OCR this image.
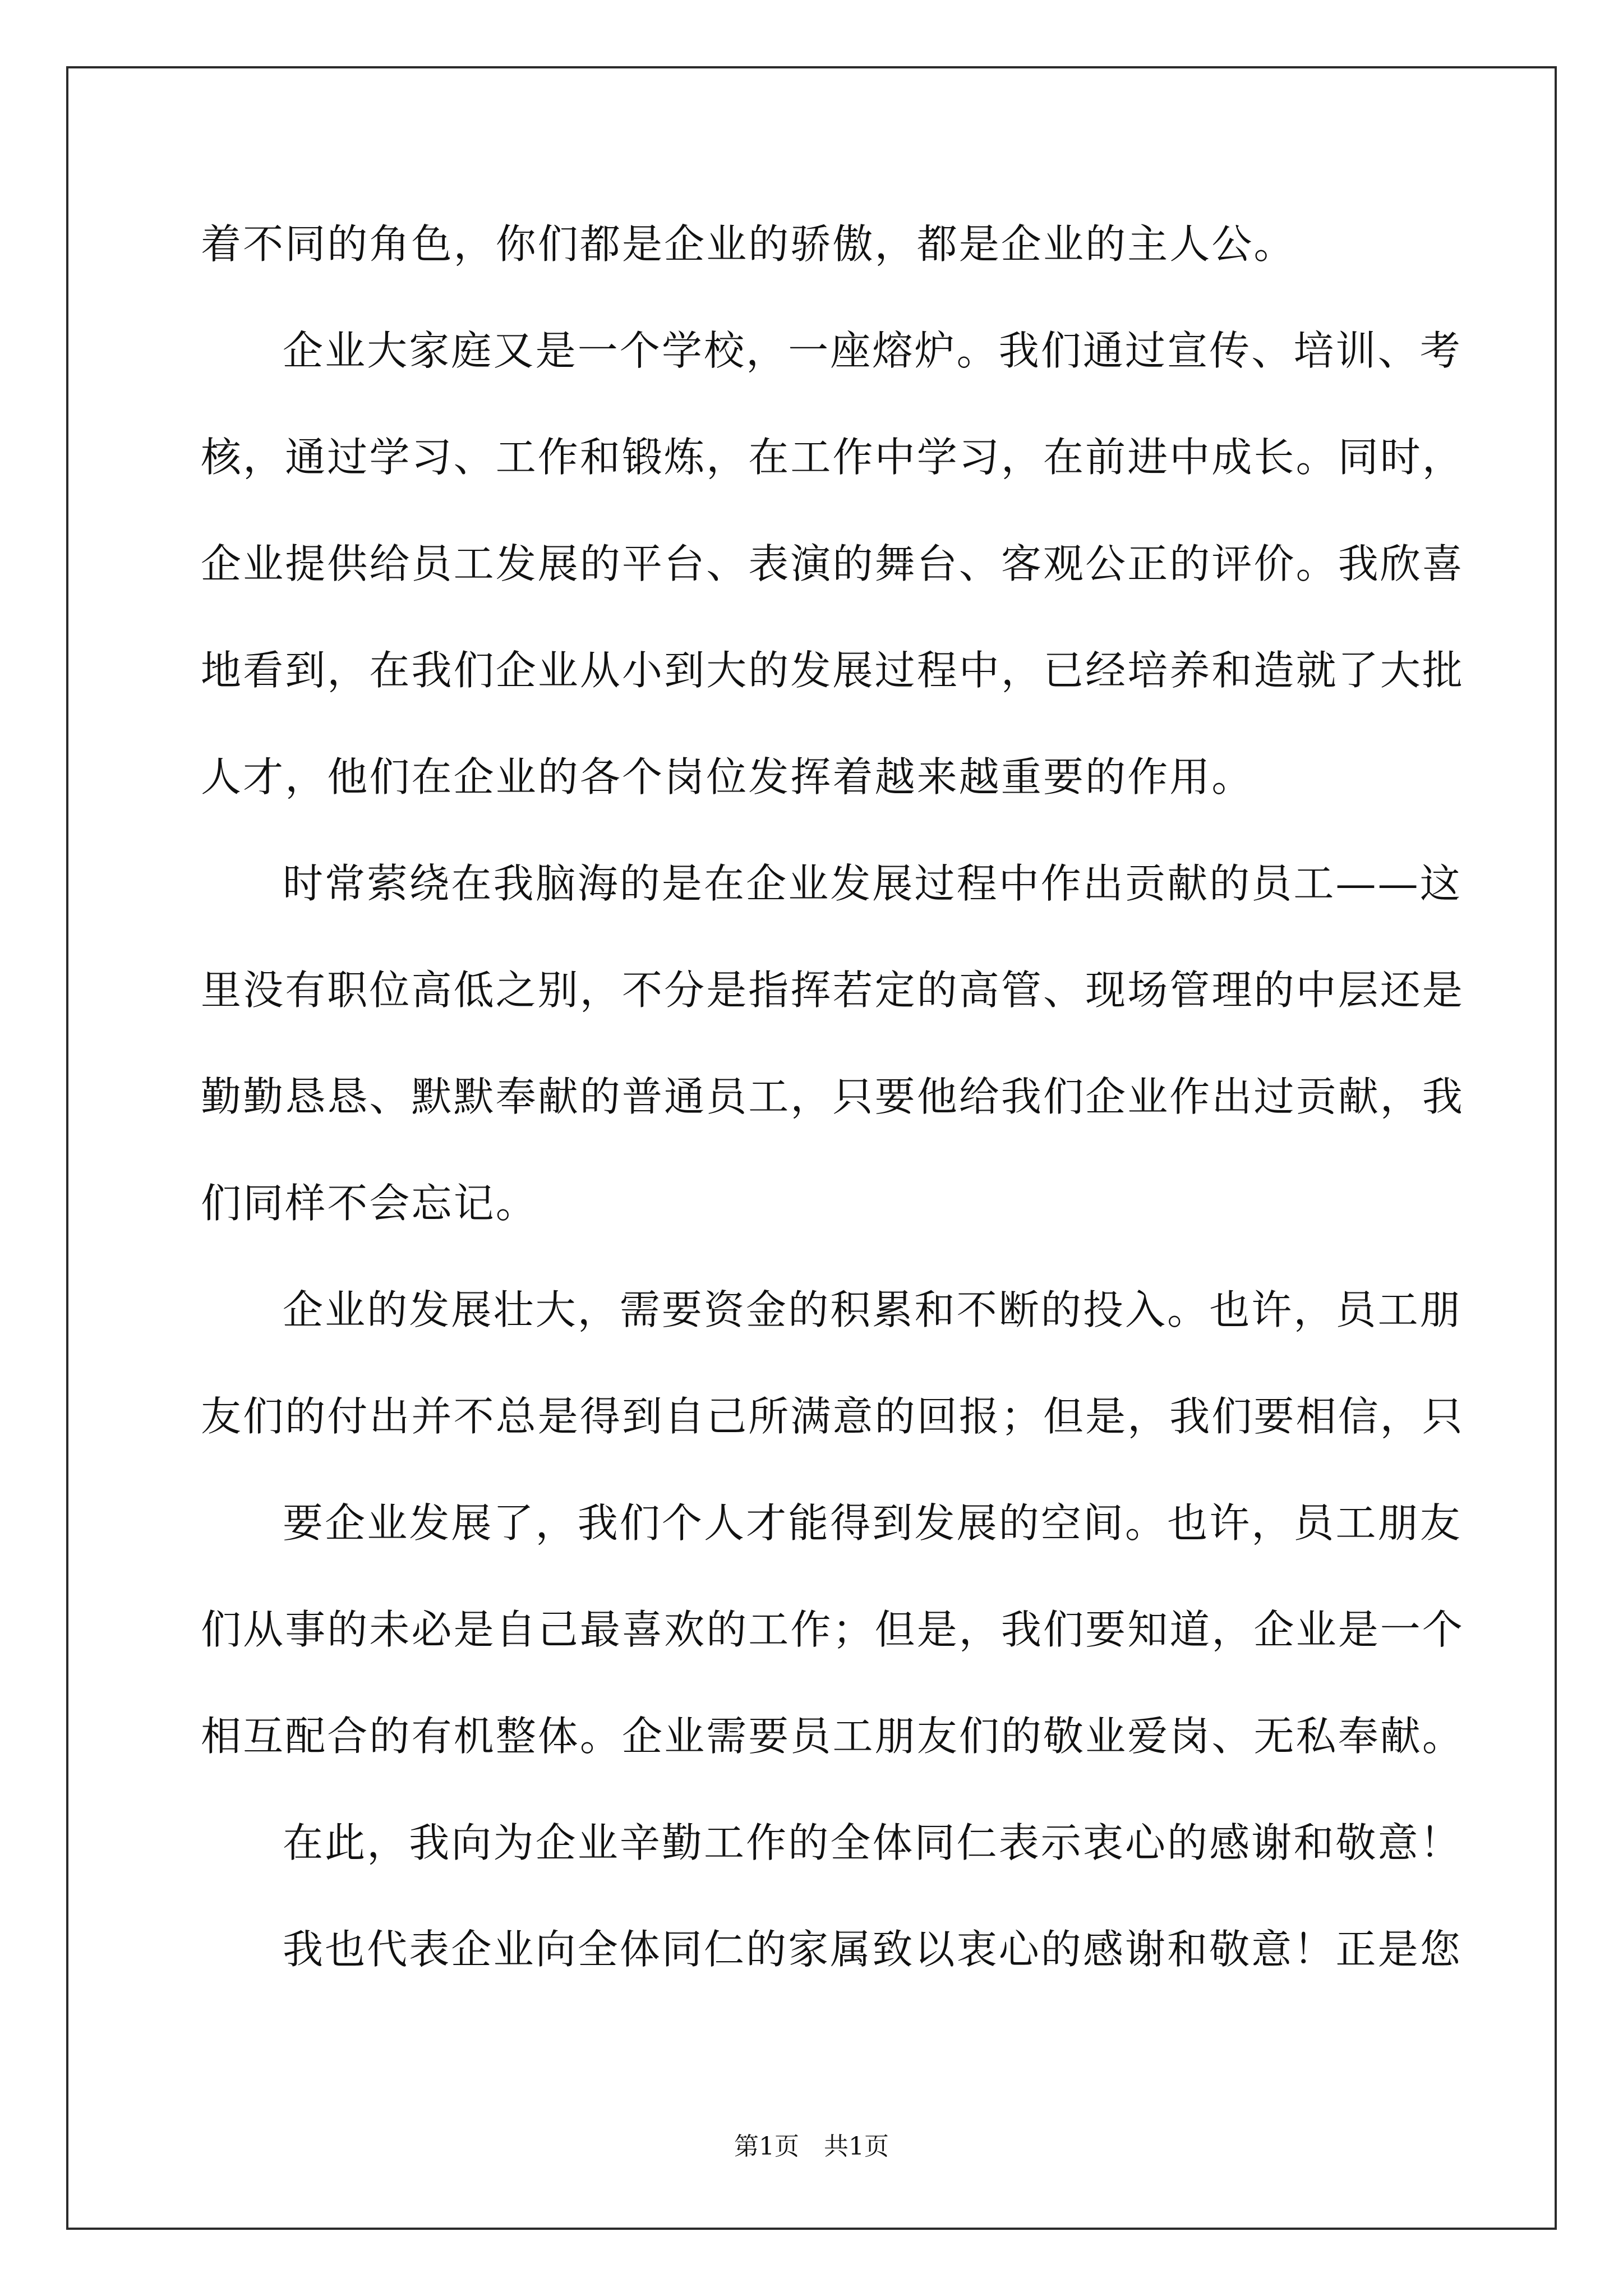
着不同的角色，你们都是企业的骄傲，都是企业的主人公。
企业大家庭又是一个学校，一座熔炉。我们通过宣传、培训、考
核，通过学习、工作和锻炼，在工作中学习，在前进中成长。同时，
企业提供给员工发展的平台、表演的舞台、客观公正的评价。我欣喜
地看到，在我们企业从小到大的发展过程中，已经培养和造就了大批
人才，他们在企业的各个岗位发挥着越来越重要的作用。
时常萦绕在我脑海的是在企业发展过程中作出贡献的员工——这
里没有职位高低之别，不分是指挥若定的高管、现场管理的中层还是
勤勤恳恳、默默奉献的普通员工，只要他给我们企业作出过贡献，我
们同样不会忘记。
企业的发展壮大，需要资金的积累和不断的投入。也许，员工朋
友们的付出并不总是得到自己所满意的回报；但是，我们要相信，只
要企业发展了，我们个人才能得到发展的空间。也许，员工朋友
们从事的未必是自己最喜欢的工作；但是，我们要知道，企业是一个
相互配合的有机整体。企业需要员工朋友们的敬业爱岗、无私奉献。
在此，我向为企业辛勤工作的全体同仁表示衷心的感谢和敬意！
我也代表企业向全体同仁的家属致以衷心的感谢和敬意！正是您
第1页　共1页
